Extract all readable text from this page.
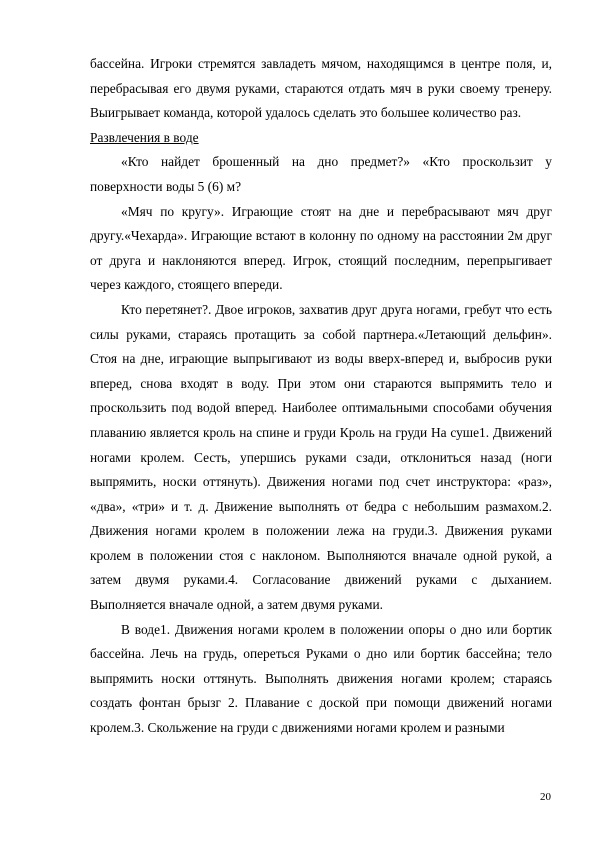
бассейна. Игроки стремятся завладеть мячом, находящимся в центре поля, и, перебрасывая его двумя руками, стараются отдать мяч в руки своему тренеру. Выигрывает команда, которой удалось сделать это большее количество раз.

Развлечения в воде

«Кто найдет брошенный на дно предмет?» «Кто проскользит у поверхности воды 5 (6) м?

«Мяч по кругу». Играющие стоят на дне и перебрасывают мяч друг другу.«Чехарда». Играющие встают в колонну по одному на расстоянии 2м друг от друга и наклоняются вперед. Игрок, стоящий последним, перепрыгивает через каждого, стоящего впереди.

Кто перетянет?. Двое игроков, захватив друг друга ногами, гребут что есть силы руками, стараясь протащить за собой партнера.«Летающий дельфин». Стоя на дне, играющие выпрыгивают из воды вверх-вперед и, выбросив руки вперед, снова входят в воду. При этом они стараются выпрямить тело и проскользить под водой вперед. Наиболее оптимальными способами обучения плаванию является кроль на спине и груди Кроль на груди На суше1. Движений ногами кролем. Сесть, упершись руками сзади, отклониться назад (ноги выпрямить, носки оттянуть). Движения ногами под счет инструктора: «раз», «два», «три» и т. д. Движение выполнять от бедра с небольшим размахом.2. Движения ногами кролем в положении лежа на груди.3. Движения руками кролем в положении стоя с наклоном. Выполняются вначале одной рукой, а затем двумя руками.4. Согласование движений руками с дыханием. Выполняется вначале одной, а затем двумя руками.

В воде1. Движения ногами кролем в положении опоры о дно или бортик бассейна. Лечь на грудь, опереться Руками о дно или бортик бассейна; тело выпрямить носки оттянуть. Выполнять движения ногами кролем; стараясь создать фонтан брызг 2. Плавание с доской при помощи движений ногами кролем.3. Скольжение на груди с движениями ногами кролем и разными

20
